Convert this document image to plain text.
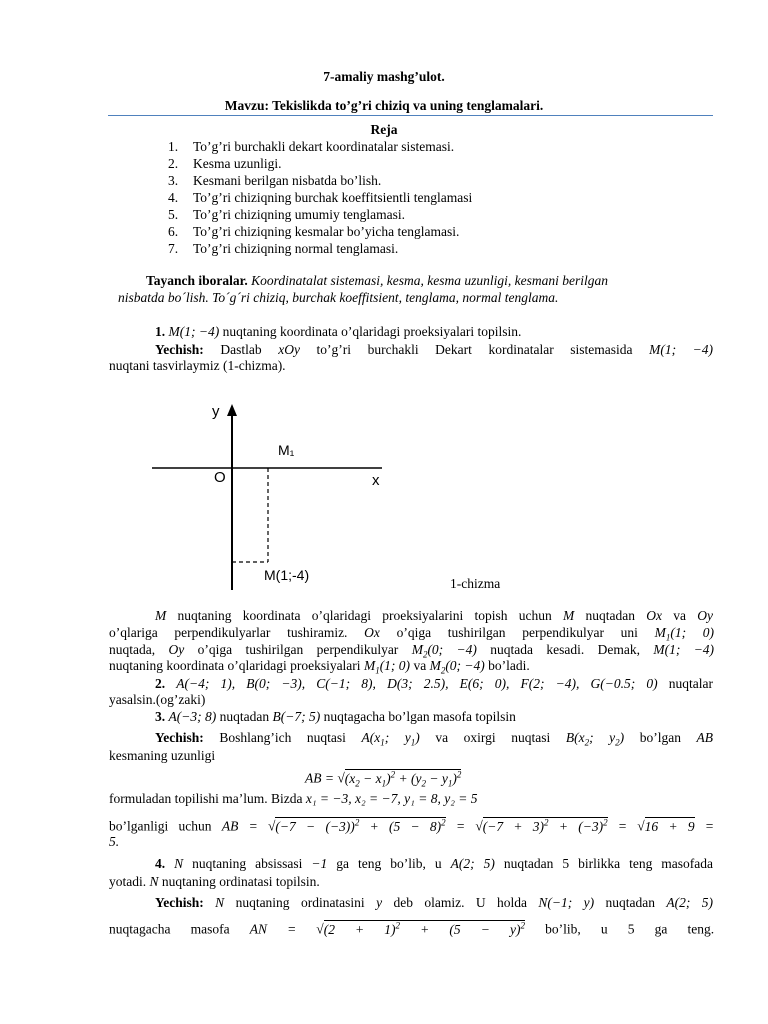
7-amaliy mashg’ulot.
Mavzu: Tekislikda to’g’ri chiziq va uning tenglamalari.
Reja
1. To’g’ri burchakli dekart koordinatalar sistemasi.
2. Kesma uzunligi.
3. Kesmani berilgan nisbatda bo’lish.
4. To’g’ri chiziqning burchak koeffitsientli tenglamasi
5. To’g’ri chiziqning umumiy tenglamasi.
6. To’g’ri chiziqning kesmalar bo’yicha tenglamasi.
7. To’g’ri chiziqning normal tenglamasi.
Tayanch iboralar. Koordinatalat sistemasi, kesma, kesma uzunligi, kesmani berilgan
nisbatda bo´lish. To´g´ri chiziq, burchak koeffitsient, tenglama, normal tenglama.
1. M(1; −4) nuqtaning koordinata o’qlaridagi proeksiyalari topilsin.
Yechish: Dastlab xOy to’g’ri burchakli Dekart kordinatalar sistemasida M(1; −4)
nuqtani tasvirlaymiz (1-chizma).
y
x
O
M₁
M(1;-4)
1-chizma
M nuqtaning koordinata o’qlaridagi proeksiyalarini topish uchun M nuqtadan Ox va Oy
o’qlariga perpendikulyarlar tushiramiz. Ox o’qiga tushirilgan perpendikulyar uni $M_1(1$; 0)
nuqtada, Oy o’qiga tushirilgan perpendikulyar $M_2(0$; −4) nuqtada kesadi. Demak, M(1; −4)
nuqtaning koordinata o’qlaridagi proeksiyalari $M_1(1$; 0) va $M_2(0$; −4) bo’ladi.
2. A(−4; 1), B(0; −3), C(−1; 8), D(3; 2.5), E(6; 0), F(2; −4), G(−0.5; 0) nuqtalar
yasalsin.(og’zaki)
3. A(−3; 8) nuqtadan B(−7; 5) nuqtagacha bo’lgan masofa topilsin
Yechish: Boshlang’ich nuqtasi $A(x_1$; $y_1$) va oxirgi nuqtasi $B(x_2$; $y_2$) bo’lgan AB
kesmaning uzunligi
AB = $√(x_2 - x_1)^2 + (y_2 - y_1)^2$
formuladan topilishi ma’lum. Bizda x₁ = −3, x₂ = −7, y₁ = 8, y₂ = 5
bo’lganligi uchun AB = $√(-7 - (-3))^2 + (5 - 8)^2 = √(-7 + 3)^2 + (-3)^2 = √16 + 9$ =
5.
4. N nuqtaning absissasi −1 ga teng bo’lib, u A(2; 5) nuqtadan 5 birlikka teng masofada
yotadi. N nuqtaning ordinatasi topilsin.
Yechish: N nuqtaning ordinatasini y deb olamiz. U holda N(−1; y) nuqtadan A(2; 5)
nuqtagacha masofa AN = $√(2 + 1)^2 + (5 - y)^2$ bo’lib, u 5 ga teng.
